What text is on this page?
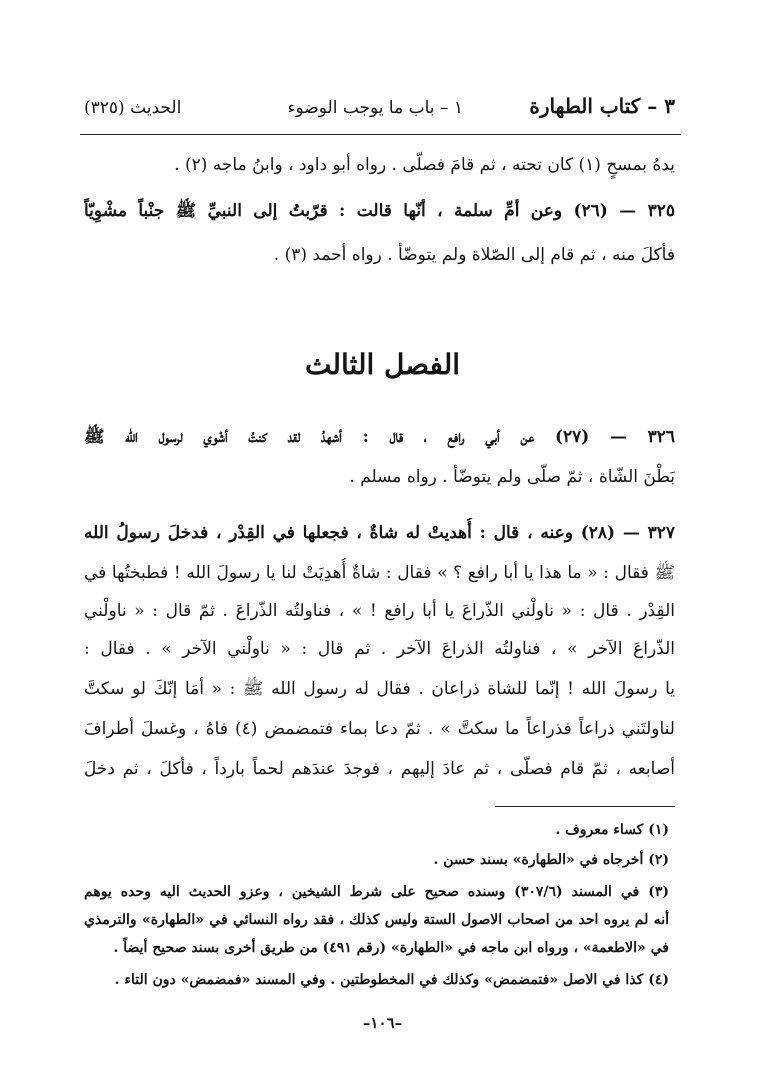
٣ – كتاب الطهارة
١ – باب ما يوجب الوضوء
الحديث (٣٢٥)
يدهُ بمسحٍ (١) كان تحته ، ثم قامَ فصلّى . رواه أبو داود ، وابنُ ماجه (٢) .
٣٢٥ — (٢٦) وعن أمِّ سلمة ، أنّها قالت : قرّبتُ إلى النبيِّ ﷺ جنْباً مشْوِيّاً
فأكلَ منه ، ثم قام إلى الصّلاة ولم يتوضّأ . رواه أحمد (٣) .
الفصل الثالث
٣٢٦ — (٢٧) عن أبي رافع ، قال : أشهدُ لقد كنتُ أشْوي لرسول الله ﷺ
بَطْنَ الشّاة ، ثمّ صلّى ولم يتوضّأ . رواه مسلم .
٣٢٧ — (٢٨) وعنه ، قال : أُهديتْ له شاةٌ ، فجعلها في القِدْر ، فدخلَ رسولُ الله
ﷺ فقال : « ما هذا يا أبا رافع ؟ » فقال : شاةٌ أُهدِيَتْ لنا يا رسولَ الله ! فطبختُها في
القِدْر . قال : « ناولْني الذّراعَ يا أبا رافع ! » ، فناولتُه الذّراعَ . ثمّ قال : « ناولْني
الذّراعَ الآخر » ، فناولتُه الذراعَ الآخر . ثم قال : « ناولْني الآخر » . فقال :
يا رسولَ الله ! إنّما للشاة ذراعان . فقال له رسول الله ﷺ : « أمَا إنّكَ لو سكتَّ
لناولتَني ذراعاً فذراعاً ما سكتَّ » . ثمّ دعا بماء فتمضمض (٤) فاهُ ، وغسلَ أطرافَ
أصابعه ، ثمّ قام فصلّى ، ثم عادَ إليهم ، فوجدَ عندَهم لحماً بارداً ، فأكلَ ، ثم دخلَ
(١) كساء معروف .
(٢) أخرجاه في «الطهارة» بسند حسن .
(٣) في المسند (٣٠٧/٦) وسنده صحيح على شرط الشيخين ، وعزو الحديث اليه وحده يوهم
أنه لم يروه احد من اصحاب الاصول الستة وليس كذلك ، فقد رواه النسائي في «الطهارة» والترمذي
في «الاطعمة» ، ورواه ابن ماجه في «الطهارة» (رقم ٤٩١) من طريق أخرى بسند صحيح أيضاً .
(٤) كذا في الاصل «فتمضمض» وكذلك في المخطوطتين . وفي المسند «فمضمض» دون التاء .
–١٠٦–
